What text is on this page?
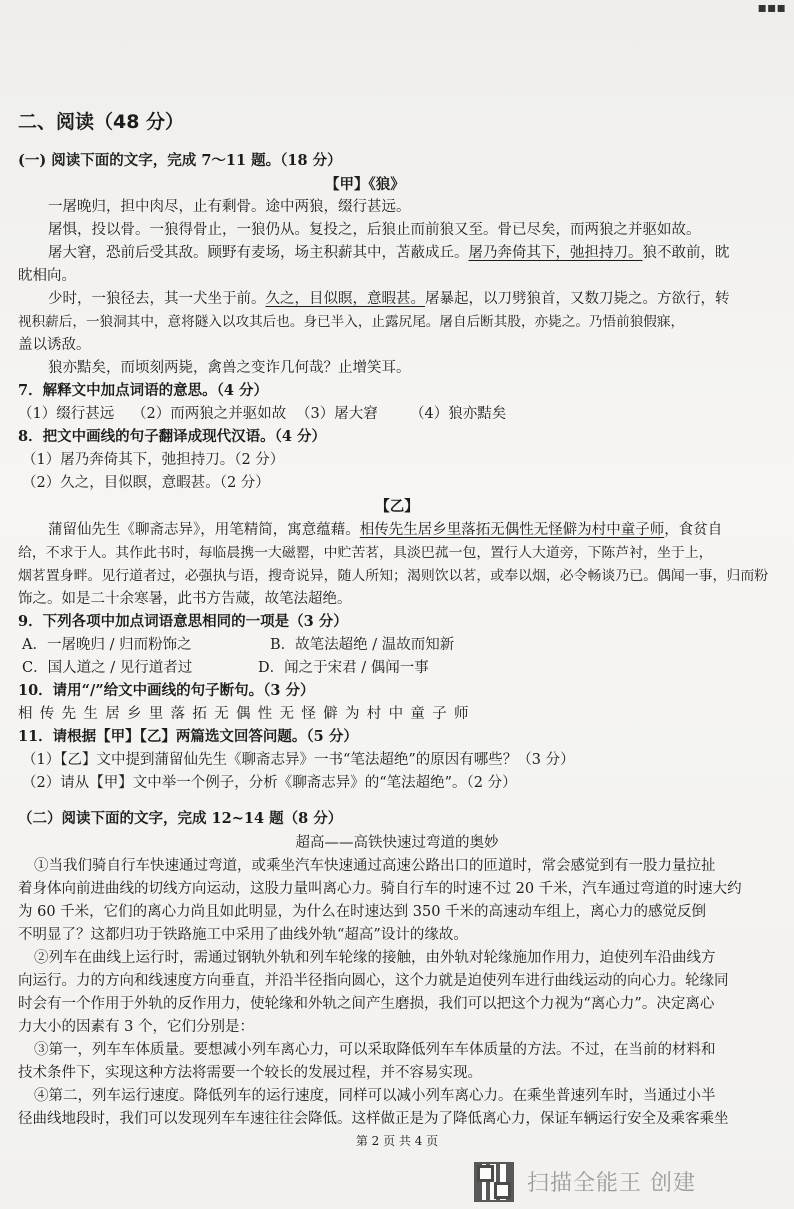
▪▪▪
二、阅读（48 分）
(一) 阅读下面的文字，完成 7～11 题。（18 分）
【甲】《狼》
一屠晚归，担中肉尽，止有剩骨。途中两狼，缀行甚远。
屠惧，投以骨。一狼得骨止，一狼仍从。复投之，后狼止而前狼又至。骨已尽矣，而两狼之并驱如故。
屠大窘，恐前后受其敌。顾野有麦场，场主积薪其中，苫蔽成丘。屠乃奔倚其下，弛担持刀。狼不敢前，眈
眈相向。
少时，一狼径去，其一犬坐于前。久之，目似瞑，意暇甚。屠暴起，以刀劈狼首，又数刀毙之。方欲行，转
视积薪后，一狼洞其中，意将隧入以攻其后也。身已半入，止露尻尾。屠自后断其股，亦毙之。乃悟前狼假寐，
盖以诱敌。
狼亦黠矣，而顷刻两毙，禽兽之变诈几何哉？止增笑耳。
7．解释文中加点词语的意思。（4 分）
（1）缀行甚远 （2）而两狼之并驱如故 （3）屠大窘 （4）狼亦黠矣
8．把文中画线的句子翻译成现代汉语。（4 分）
（1）屠乃奔倚其下，弛担持刀。（2 分）
（2）久之，目似瞑，意暇甚。（2 分）
【乙】
蒲留仙先生《聊斋志异》，用笔精简，寓意蕴藉。相传先生居乡里落拓无偶性无怪僻为村中童子师，食贫自
给，不求于人。其作此书时，每临晨携一大磁罂，中贮苦茗，具淡巴菰一包，置行人大道旁，下陈芦衬，坐于上，
烟茗置身畔。见行道者过，必强执与语，搜奇说异，随人所知；渴则饮以茗，或奉以烟，必令畅谈乃已。偶闻一事，归而粉
饰之。如是二十余寒暑，此书方告蒇，故笔法超绝。
9．下列各项中加点词语意思相同的一项是（3 分）
A．一屠晚归 / 归而粉饰之	B．故笔法超绝 / 温故而知新
C．国人道之 / 见行道者过	D．闻之于宋君 / 偶闻一事
10．请用“/”给文中画线的句子断句。（3 分）
相传先生居乡里落拓无偶性无怪僻为村中童子师
11．请根据【甲】【乙】两篇选文回答问题。（5 分）
（1）【乙】文中提到蒲留仙先生《聊斋志异》一书“笔法超绝”的原因有哪些？（3 分）
（2）请从【甲】文中举一个例子，分析《聊斋志异》的“笔法超绝”。（2 分）
（二）阅读下面的文字，完成 12~14 题（8 分）
超高——高铁快速过弯道的奥妙
①当我们骑自行车快速通过弯道，或乘坐汽车快速通过高速公路出口的匝道时，常会感觉到有一股力量拉扯
着身体向前进曲线的切线方向运动，这股力量叫离心力。骑自行车的时速不过 20 千米，汽车通过弯道的时速大约
为 60 千米，它们的离心力尚且如此明显，为什么在时速达到 350 千米的高速动车组上，离心力的感觉反倒
不明显了？这都归功于铁路施工中采用了曲线外轨“超高”设计的缘故。
②列车在曲线上运行时，需通过钢轨外轨和列车轮缘的接触，由外轨对轮缘施加作用力，迫使列车沿曲线方
向运行。力的方向和线速度方向垂直，并沿半径指向圆心，这个力就是迫使列车进行曲线运动的向心力。轮缘同
时会有一个作用于外轨的反作用力，使轮缘和外轨之间产生磨损，我们可以把这个力视为“离心力”。决定离心
力大小的因素有 3 个，它们分别是：
③第一，列车车体质量。要想减小列车离心力，可以采取降低列车车体质量的方法。不过，在当前的材料和
技术条件下，实现这种方法将需要一个较长的发展过程，并不容易实现。
④第二，列车运行速度。降低列车的运行速度，同样可以减小列车离心力。在乘坐普速列车时，当通过小半
径曲线地段时，我们可以发现列车车速往往会降低。这样做正是为了降低离心力，保证车辆运行安全及乘客乘坐
第 2 页 共 4 页
扫描全能王 创建
